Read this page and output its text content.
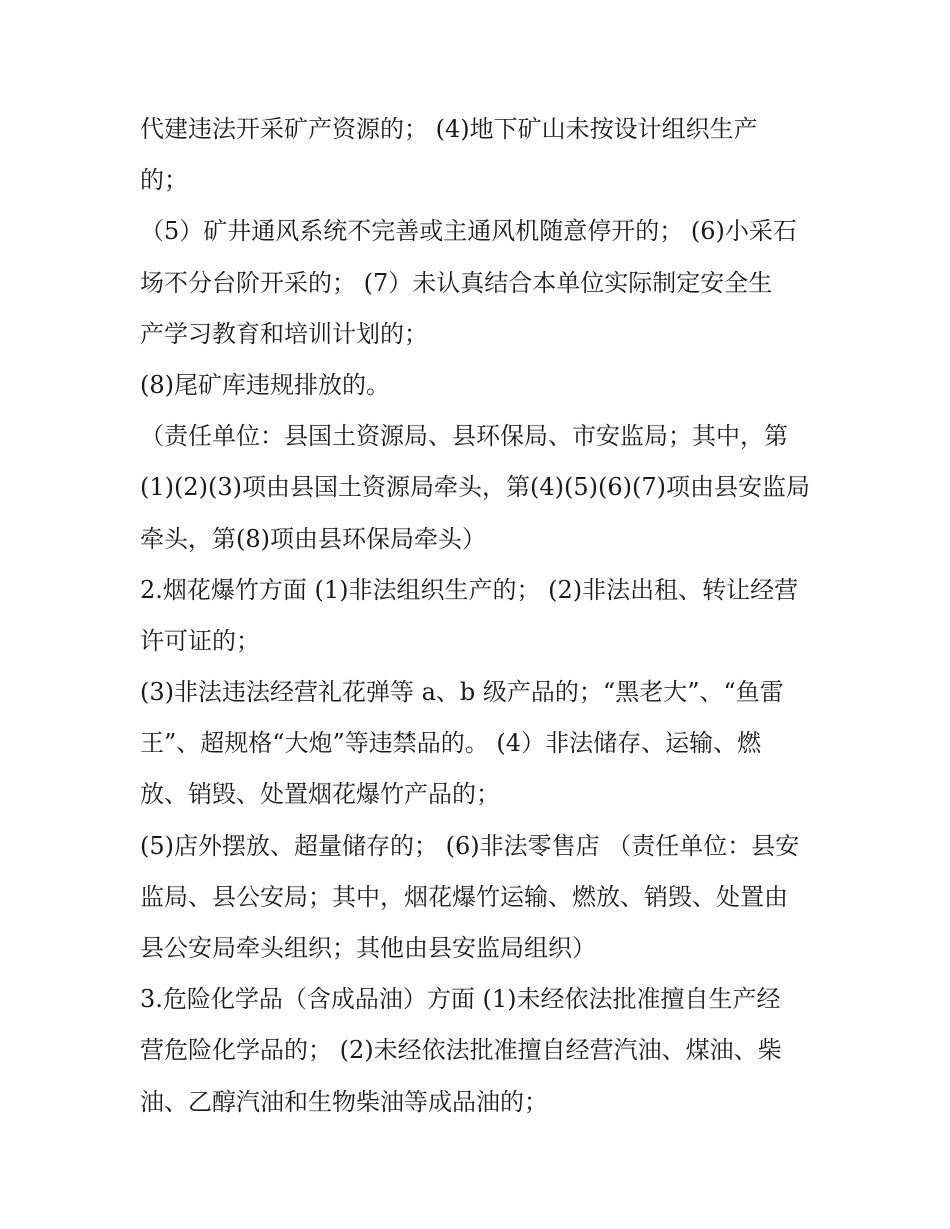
代建违法开采矿产资源的； (4)地下矿山未按设计组织生产

的；

（5）矿井通风系统不完善或主通风机随意停开的； (6)小采石

场不分台阶开采的； (7）未认真结合本单位实际制定安全生

产学习教育和培训计划的；

(8)尾矿库违规排放的。

（责任单位：县国土资源局、县环保局、市安监局；其中，第

(1)(2)(3)项由县国土资源局牵头，第(4)(5)(6)(7)项由县安监局

牵头，第(8)项由县环保局牵头）

2.烟花爆竹方面 (1)非法组织生产的； (2)非法出租、转让经营

许可证的；

(3)非法违法经营礼花弹等 a、b 级产品的；“黑老大”、“鱼雷

王”、超规格“大炮”等违禁品的。 (4）非法储存、运输、燃

放、销毁、处置烟花爆竹产品的；

(5)店外摆放、超量储存的； (6)非法零售店 （责任单位：县安

监局、县公安局；其中，烟花爆竹运输、燃放、销毁、处置由

县公安局牵头组织；其他由县安监局组织）

3.危险化学品（含成品油）方面 (1)未经依法批准擅自生产经

营危险化学品的； (2)未经依法批准擅自经营汽油、煤油、柴

油、乙醇汽油和生物柴油等成品油的；
